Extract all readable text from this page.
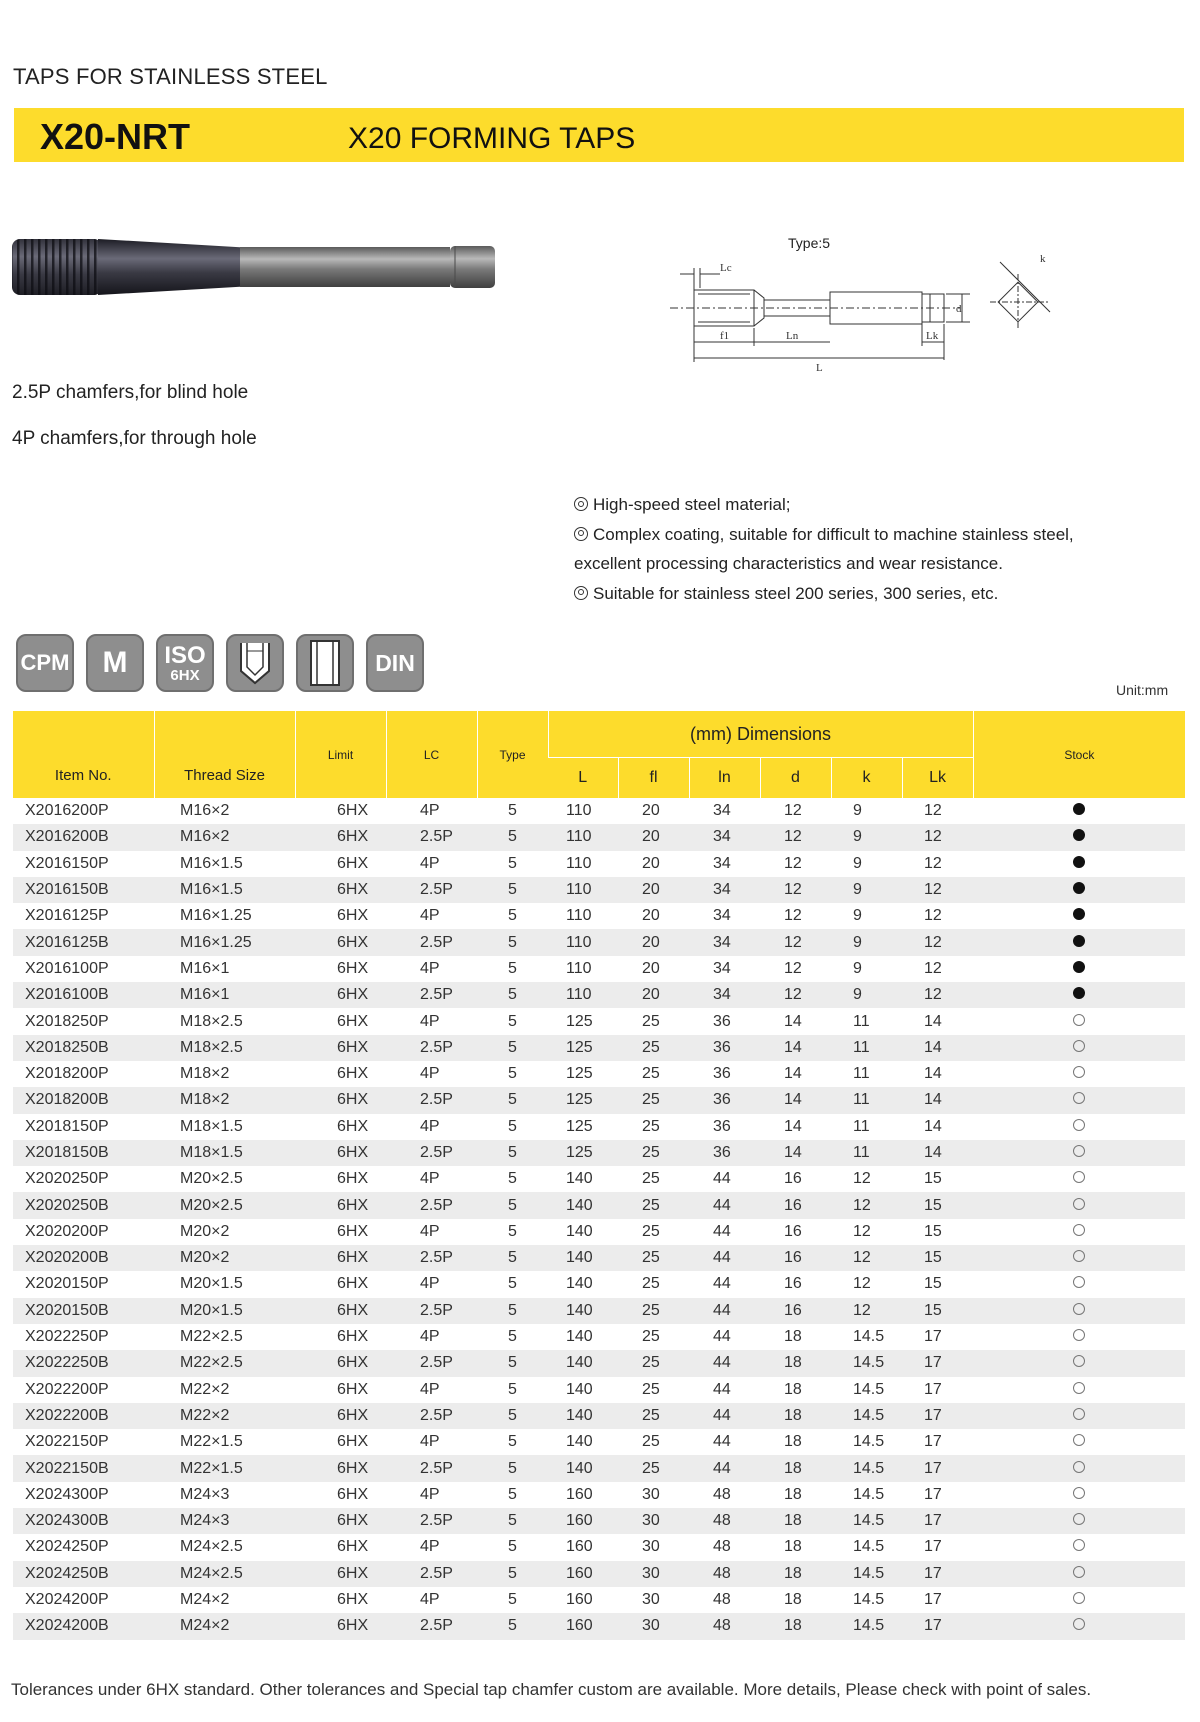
TAPS FOR STAINLESS STEEL
X20-NRT	X20 FORMING TAPS
Type:5
Lc
f1	Ln	Lk
L
d
k
2.5P chamfers,for blind hole
4P chamfers,for through hole
High-speed steel material;
Complex coating, suitable for difficult to machine stainless steel,
excellent processing characteristics and wear resistance.
Suitable for stainless steel 200 series, 300 series, etc.
CPM	M	ISO
6HX	DIN
Unit:mm
Item No.	Thread Size	Limit	LC	Type	(mm) Dimensions						Stock
					L	fl	ln	d	k	Lk	
X2016200P	M16×2	6HX	4P	5	110	20	34	12	9	12	
X2016200B	M16×2	6HX	2.5P	5	110	20	34	12	9	12	
X2016150P	M16×1.5	6HX	4P	5	110	20	34	12	9	12	
X2016150B	M16×1.5	6HX	2.5P	5	110	20	34	12	9	12	
X2016125P	M16×1.25	6HX	4P	5	110	20	34	12	9	12	
X2016125B	M16×1.25	6HX	2.5P	5	110	20	34	12	9	12	
X2016100P	M16×1	6HX	4P	5	110	20	34	12	9	12	
X2016100B	M16×1	6HX	2.5P	5	110	20	34	12	9	12	
X2018250P	M18×2.5	6HX	4P	5	125	25	36	14	11	14	
X2018250B	M18×2.5	6HX	2.5P	5	125	25	36	14	11	14	
X2018200P	M18×2	6HX	4P	5	125	25	36	14	11	14	
X2018200B	M18×2	6HX	2.5P	5	125	25	36	14	11	14	
X2018150P	M18×1.5	6HX	4P	5	125	25	36	14	11	14	
X2018150B	M18×1.5	6HX	2.5P	5	125	25	36	14	11	14	
X2020250P	M20×2.5	6HX	4P	5	140	25	44	16	12	15	
X2020250B	M20×2.5	6HX	2.5P	5	140	25	44	16	12	15	
X2020200P	M20×2	6HX	4P	5	140	25	44	16	12	15	
X2020200B	M20×2	6HX	2.5P	5	140	25	44	16	12	15	
X2020150P	M20×1.5	6HX	4P	5	140	25	44	16	12	15	
X2020150B	M20×1.5	6HX	2.5P	5	140	25	44	16	12	15	
X2022250P	M22×2.5	6HX	4P	5	140	25	44	18	14.5	17	
X2022250B	M22×2.5	6HX	2.5P	5	140	25	44	18	14.5	17	
X2022200P	M22×2	6HX	4P	5	140	25	44	18	14.5	17	
X2022200B	M22×2	6HX	2.5P	5	140	25	44	18	14.5	17	
X2022150P	M22×1.5	6HX	4P	5	140	25	44	18	14.5	17	
X2022150B	M22×1.5	6HX	2.5P	5	140	25	44	18	14.5	17	
X2024300P	M24×3	6HX	4P	5	160	30	48	18	14.5	17	
X2024300B	M24×3	6HX	2.5P	5	160	30	48	18	14.5	17	
X2024250P	M24×2.5	6HX	4P	5	160	30	48	18	14.5	17	
X2024250B	M24×2.5	6HX	2.5P	5	160	30	48	18	14.5	17	
X2024200P	M24×2	6HX	4P	5	160	30	48	18	14.5	17	
X2024200B	M24×2	6HX	2.5P	5	160	30	48	18	14.5	17	
Tolerances under 6HX standard. Other tolerances and Special tap chamfer custom are available. More details, Please check with point of sales.
